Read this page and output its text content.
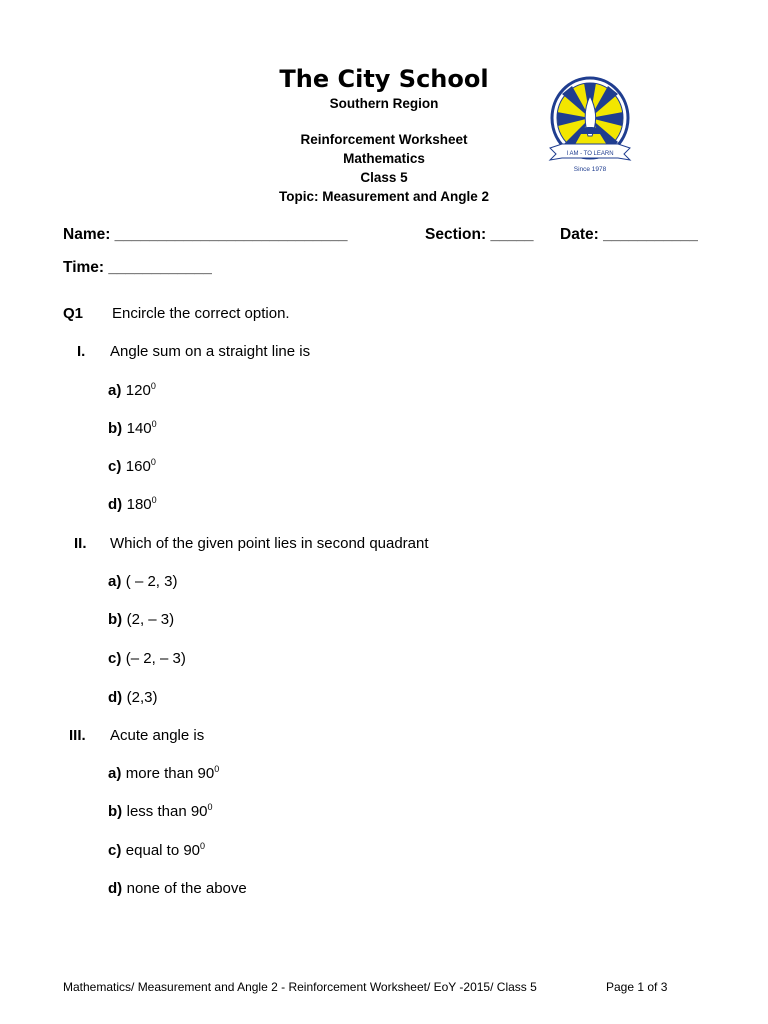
The City School
Southern Region
Reinforcement Worksheet
Mathematics
Class 5
Topic: Measurement and Angle 2
I AM - TO LEARN
Since 1978
Name: ___________________________	Section: _____ Date: ___________
Time: ____________
Q1 Encircle the correct option.
I. Angle sum on a straight line is
a) $120^0$
b) $140^0$
c) $160^0$
d) $180^0$
II. Which of the given point lies in second quadrant
a) ( – 2, 3)
b) (2, – 3)
c) (– 2, – 3)
d) (2,3)
III. Acute angle is
a) more than $90^0$
b) less than $90^0$
c) equal to $90^0$
d) none of the above
Mathematics/ Measurement and Angle 2 - Reinforcement Worksheet/ EoY -2015/ Class 5	Page 1 of 3
